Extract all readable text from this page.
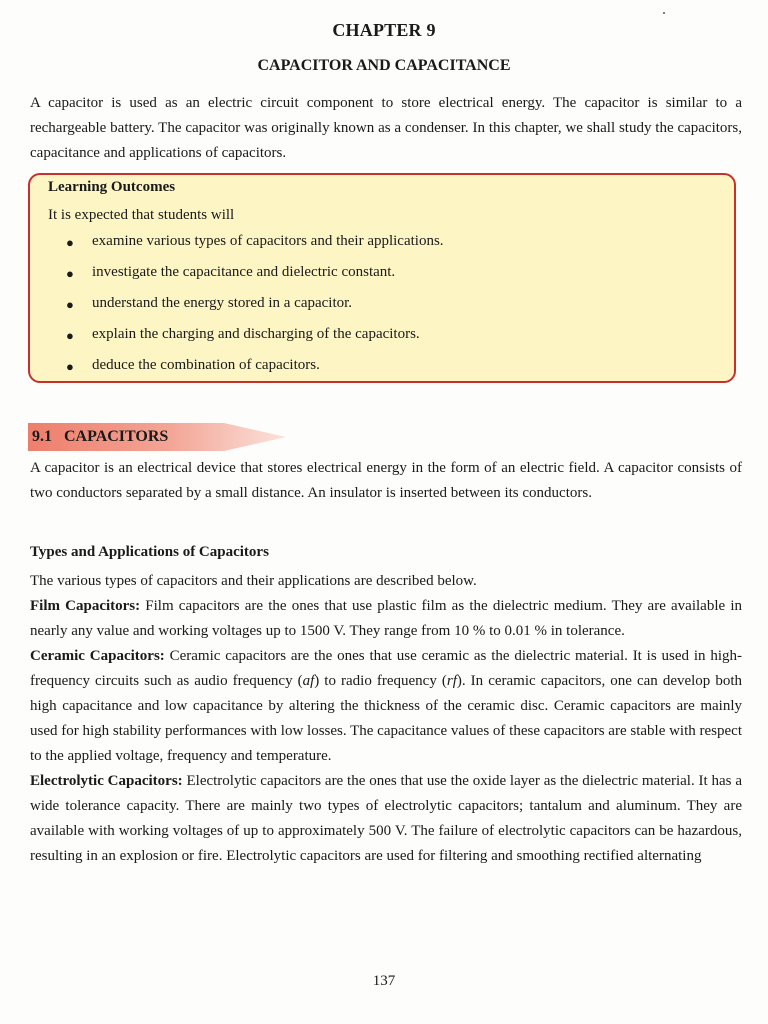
CHAPTER 9
CAPACITOR AND CAPACITANCE
A capacitor is used as an electric circuit component to store electrical energy. The capacitor is similar to a rechargeable battery. The capacitor was originally known as a condenser. In this chapter, we shall study the capacitors, capacitance and applications of capacitors.
Learning Outcomes
It is expected that students will
●	examine various types of capacitors and their applications.
●	investigate the capacitance and dielectric constant.
●	understand the energy stored in a capacitor.
●	explain the charging and discharging of the capacitors.
●	deduce the combination of capacitors.
9.1   CAPACITORS
A capacitor is an electrical device that stores electrical energy in the form of an electric field. A capacitor consists of two conductors separated by a small distance. An insulator is inserted between its conductors.
Types and Applications of Capacitors
The various types of capacitors and their applications are described below.
Film Capacitors: Film capacitors are the ones that use plastic film as the dielectric medium. They are available in nearly any value and working voltages up to 1500 V. They range from 10 % to 0.01 % in tolerance.
Ceramic Capacitors: Ceramic capacitors are the ones that use ceramic as the dielectric material. It is used in high-frequency circuits such as audio frequency (af) to radio frequency (rf). In ceramic capacitors, one can develop both high capacitance and low capacitance by altering the thickness of the ceramic disc. Ceramic capacitors are mainly used for high stability performances with low losses. The capacitance values of these capacitors are stable with respect to the applied voltage, frequency and temperature.
Electrolytic Capacitors: Electrolytic capacitors are the ones that use the oxide layer as the dielectric material. It has a wide tolerance capacity. There are mainly two types of electrolytic capacitors; tantalum and aluminum. They are available with working voltages of up to approximately 500 V. The failure of electrolytic capacitors can be hazardous, resulting in an explosion or fire. Electrolytic capacitors are used for filtering and smoothing rectified alternating
137
